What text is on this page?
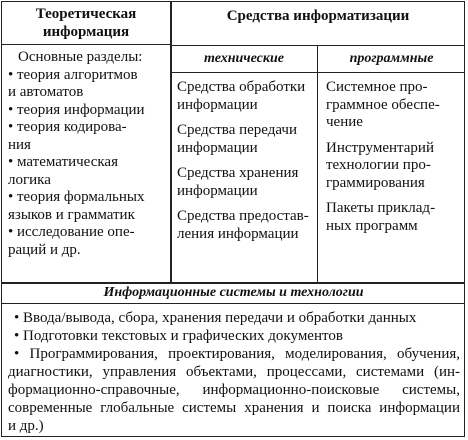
Теоретическая
информация
Основные разделы:
• теория алгоритмов
и автоматов
• теория информации
• теория кодирова-
ния
• математическая
логика
• теория формальных
языков и грамматик
• исследование опе-
раций и др.
Средства информатизации
технические	программные
Средства обработки
информации
Средства передачи
информации
Средства хранения
информации
Средства предостав-
ления информации
Системное про-
граммное обеспе-
чение
Инструментарий
технологии про-
граммирования
Пакеты приклад-
ных программ
Информационные системы и технологии
• Ввода/вывода, сбора, хранения передачи и обработки данных
• Подготовки текстовых и графических документов
• Программирования, проектирования, моделирования, обучения,
диагностики, управления объектами, процессами, системами (ин-
формационно-справочные, информационно-поисковые системы,
современные глобальные системы хранения и поиска информации
и др.)
